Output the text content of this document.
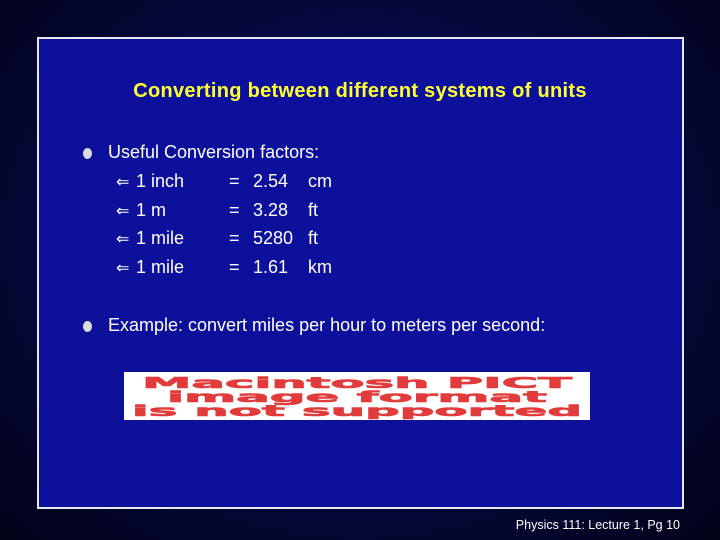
Converting between different systems of units
Useful Conversion factors:
⇐ 1 inch = 2.54 cm
⇐ 1 m	= 3.28 ft
⇐ 1 mile = 5280 ft
⇐ 1 mile = 1.61 km
Example: convert miles per hour to meters per second:
Macintosh PICT
image format
is not supported
Physics 111: Lecture 1, Pg 10
